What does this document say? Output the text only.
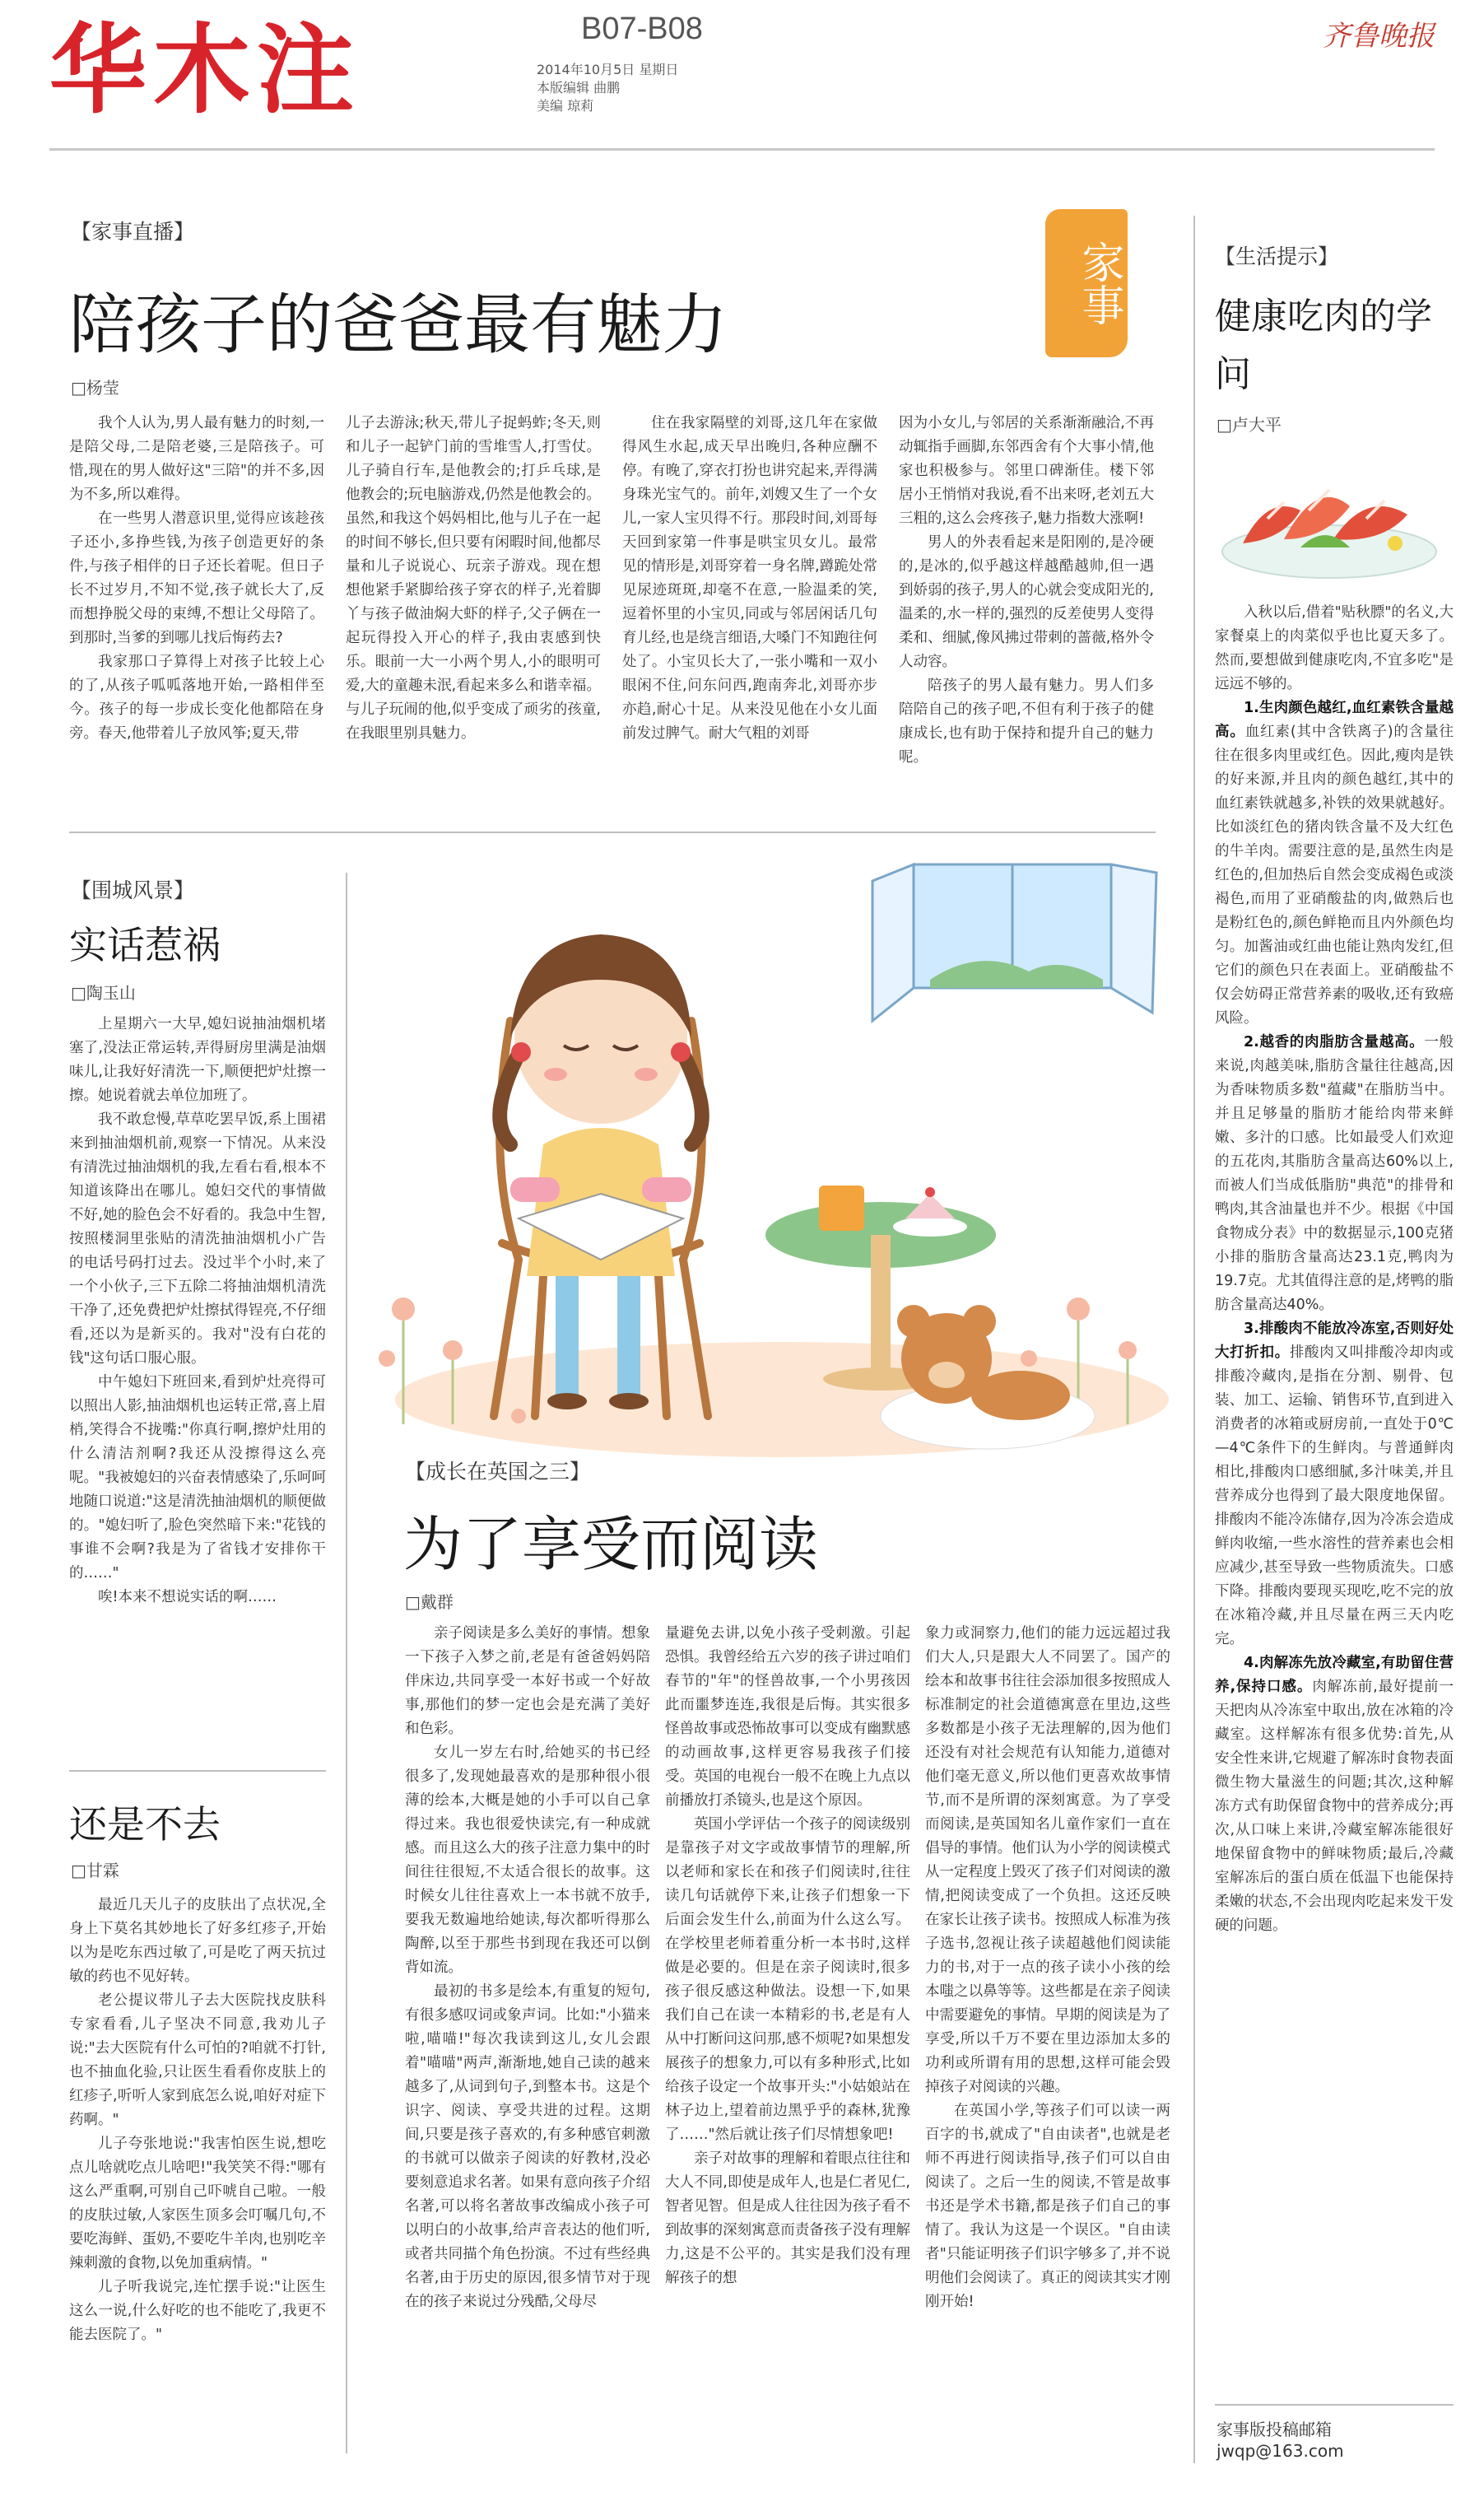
华木注	B07-B08
2014年10月5日 星期日
本版编辑 曲鹏
美编 琼莉
齐鲁晚报
【家事直播】
陪孩子的爸爸最有魅力
□杨莹
家事

我个人认为,男人最有魅力的时刻,一是陪父母,二是陪老婆,三是陪孩子。可惜,现在的男人做好这"三陪"的并不多,因为不多,所以难得。

在一些男人潜意识里,觉得应该趁孩子还小,多挣些钱,为孩子创造更好的条件,与孩子相伴的日子还长着呢。但日子长不过岁月,不知不觉,孩子就长大了,反而想挣脱父母的束缚,不想让父母陪了。到那时,当爹的到哪儿找后悔药去?

我家那口子算得上对孩子比较上心的了,从孩子呱呱落地开始,一路相伴至今。孩子的每一步成长变化他都陪在身旁。春天,他带着儿子放风筝;夏天,带

儿子去游泳;秋天,带儿子捉蚂蚱;冬天,则和儿子一起铲门前的雪堆雪人,打雪仗。儿子骑自行车,是他教会的;打乒乓球,是他教会的;玩电脑游戏,仍然是他教会的。虽然,和我这个妈妈相比,他与儿子在一起的时间不够长,但只要有闲暇时间,他都尽量和儿子说说心、玩亲子游戏。现在想想他紧手紧脚给孩子穿衣的样子,光着脚丫与孩子做油焖大虾的样子,父子俩在一起玩得投入开心的样子,我由衷感到快乐。眼前一大一小两个男人,小的眼明可爱,大的童趣未泯,看起来多么和谐幸福。与儿子玩闹的他,似乎变成了顽劣的孩童,在我眼里别具魅力。

住在我家隔壁的刘哥,这几年在家做得风生水起,成天早出晚归,各种应酬不停。有晚了,穿衣打扮也讲究起来,弄得满身珠光宝气的。前年,刘嫂又生了一个女儿,一家人宝贝得不行。那段时间,刘哥每天回到家第一件事是哄宝贝女儿。最常见的情形是,刘哥穿着一身名牌,蹲跪处常见尿迹斑斑,却毫不在意,一脸温柔的笑,逗着怀里的小宝贝,同或与邻居闲话几句育儿经,也是绕言细语,大嗓门不知跑往何处了。小宝贝长大了,一张小嘴和一双小眼闲不住,问东问西,跑南奔北,刘哥亦步亦趋,耐心十足。从来没见他在小女儿面前发过脾气。耐大气粗的刘哥

因为小女儿,与邻居的关系渐渐融洽,不再动辄指手画脚,东邻西舍有个大事小情,他家也积极参与。邻里口碑渐佳。楼下邻居小王悄悄对我说,看不出来呀,老刘五大三粗的,这么会疼孩子,魅力指数大涨啊!

男人的外表看起来是阳刚的,是冷硬的,是冰的,似乎越这样越酷越帅,但一遇到娇弱的孩子,男人的心就会变成阳光的,温柔的,水一样的,强烈的反差使男人变得柔和、细腻,像风拂过带刺的蔷薇,格外令人动容。

陪孩子的男人最有魅力。男人们多陪陪自己的孩子吧,不但有利于孩子的健康成长,也有助于保持和提升自己的魅力呢。

【围城风景】
实话惹祸
□陶玉山

上星期六一大早,媳妇说抽油烟机堵塞了,没法正常运转,弄得厨房里满是油烟味儿,让我好好清洗一下,顺便把炉灶擦一擦。她说着就去单位加班了。

我不敢怠慢,草草吃罢早饭,系上围裙来到抽油烟机前,观察一下情况。从来没有清洗过抽油烟机的我,左看右看,根本不知道该降出在哪儿。媳妇交代的事情做不好,她的脸色会不好看的。我急中生智,按照楼洞里张贴的清洗抽油烟机小广告的电话号码打过去。没过半个小时,来了一个小伙子,三下五除二将抽油烟机清洗干净了,还免费把炉灶擦拭得锃亮,不仔细看,还以为是新买的。我对"没有白花的钱"这句话口服心服。

中午媳妇下班回来,看到炉灶亮得可以照出人影,抽油烟机也运转正常,喜上眉梢,笑得合不拢嘴:"你真行啊,擦炉灶用的什么清洁剂啊?我还从没擦得这么亮呢。"我被媳妇的兴奋表情感染了,乐呵呵地随口说道:"这是清洗抽油烟机的顺便做的。"媳妇听了,脸色突然暗下来:"花钱的事谁不会啊?我是为了省钱才安排你干的……"

唉!本来不想说实话的啊……

还是不去
□甘霖

最近几天儿子的皮肤出了点状况,全身上下莫名其妙地长了好多红疹子,开始以为是吃东西过敏了,可是吃了两天抗过敏的药也不见好转。

老公提议带儿子去大医院找皮肤科专家看看,儿子坚决不同意,我劝儿子说:"去大医院有什么可怕的?咱就不打针,也不抽血化验,只让医生看看你皮肤上的红疹子,听听人家到底怎么说,咱好对症下药啊。"

儿子夸张地说:"我害怕医生说,想吃点儿啥就吃点儿啥吧!"我笑笑不得:"哪有这么严重啊,可别自己吓唬自己啦。一般的皮肤过敏,人家医生顶多会叮嘱几句,不要吃海鲜、蛋奶,不要吃牛羊肉,也别吃辛辣刺激的食物,以免加重病情。"

儿子听我说完,连忙摆手说:"让医生这么一说,什么好吃的也不能吃了,我更不能去医院了。"

【成长在英国之三】
为了享受而阅读
□戴群

亲子阅读是多么美好的事情。想象一下孩子入梦之前,老是有爸爸妈妈陪伴床边,共同享受一本好书或一个好故事,那他们的梦一定也会是充满了美好和色彩。

女儿一岁左右时,给她买的书已经很多了,发现她最喜欢的是那种很小很薄的绘本,大概是她的小手可以自己拿得过来。我也很爱快读完,有一种成就感。而且这么大的孩子注意力集中的时间往往很短,不太适合很长的故事。这时候女儿往往喜欢上一本书就不放手,要我无数遍地给她读,每次都听得那么陶醉,以至于那些书到现在我还可以倒背如流。

最初的书多是绘本,有重复的短句,有很多感叹词或象声词。比如:"小猫来啦,喵喵!"每次我读到这儿,女儿会跟着"喵喵"两声,渐渐地,她自己读的越来越多了,从词到句子,到整本书。这是个识字、阅读、享受共进的过程。这期间,只要是孩子喜欢的,有多种感官刺激的书就可以做亲子阅读的好教材,没必要刻意追求名著。如果有意向孩子介绍名著,可以将名著故事改编成小孩子可以明白的小故事,给声音表达的他们听,或者共同描个角色扮演。不过有些经典名著,由于历史的原因,很多情节对于现在的孩子来说过分残酷,父母尽

量避免去讲,以免小孩子受刺激。引起恐惧。我曾经给五六岁的孩子讲过咱们春节的"年"的怪兽故事,一个小男孩因此而噩梦连连,我很是后悔。其实很多怪兽故事或恐怖故事可以变成有幽默感的动画故事,这样更容易我孩子们接受。英国的电视台一般不在晚上九点以前播放打杀镜头,也是这个原因。

英国小学评估一个孩子的阅读级别是靠孩子对文字或故事情节的理解,所以老师和家长在和孩子们阅读时,往往读几句话就停下来,让孩子们想象一下后面会发生什么,前面为什么这么写。在学校里老师着重分析一本书时,这样做是必要的。但是在亲子阅读时,很多孩子很反感这种做法。设想一下,如果我们自己在读一本精彩的书,老是有人从中打断问这问那,感不烦呢?如果想发展孩子的想象力,可以有多种形式,比如给孩子设定一个故事开头:"小姑娘站在林子边上,望着前边黑乎乎的森林,犹豫了……"然后就让孩子们尽情想象吧!

亲子对故事的理解和着眼点往往和大人不同,即使是成年人,也是仁者见仁,智者见智。但是成人往往因为孩子看不到故事的深刻寓意而责备孩子没有理解力,这是不公平的。其实是我们没有理解孩子的想

象力或洞察力,他们的能力远远超过我们大人,只是跟大人不同罢了。国产的绘本和故事书往往会添加很多按照成人标准制定的社会道德寓意在里边,这些多数都是小孩子无法理解的,因为他们还没有对社会规范有认知能力,道德对他们毫无意义,所以他们更喜欢故事情节,而不是所谓的深刻寓意。为了享受而阅读,是英国知名儿童作家们一直在倡导的事情。他们认为小学的阅读模式从一定程度上毁灭了孩子们对阅读的激情,把阅读变成了一个负担。这还反映在家长让孩子读书。按照成人标准为孩子选书,忽视让孩子读超越他们阅读能力的书,对于一点的孩子读小小孩的绘本嗤之以鼻等等。这些都是在亲子阅读中需要避免的事情。早期的阅读是为了享受,所以千万不要在里边添加太多的功利或所谓有用的思想,这样可能会毁掉孩子对阅读的兴趣。

在英国小学,等孩子们可以读一两百字的书,就成了"自由读者",也就是老师不再进行阅读指导,孩子们可以自由阅读了。之后一生的阅读,不管是故事书还是学术书籍,都是孩子们自己的事情了。我认为这是一个误区。"自由读者"只能证明孩子们识字够多了,并不说明他们会阅读了。真正的阅读其实才刚刚开始!

【生活提示】
健康吃肉的学问
□卢大平

入秋以后,借着"贴秋膘"的名义,大家餐桌上的肉菜似乎也比夏天多了。然而,要想做到健康吃肉,不宜多吃"是远远不够的。

1.生肉颜色越红,血红素铁含量越高。血红素(其中含铁离子)的含量往往在很多肉里或红色。因此,瘦肉是铁的好来源,并且肉的颜色越红,其中的血红素铁就越多,补铁的效果就越好。比如淡红色的猪肉铁含量不及大红色的牛羊肉。需要注意的是,虽然生肉是红色的,但加热后自然会变成褐色或淡褐色,而用了亚硝酸盐的肉,做熟后也是粉红色的,颜色鲜艳而且内外颜色均匀。加酱油或红曲也能让熟肉发红,但它们的颜色只在表面上。亚硝酸盐不仅会妨碍正常营养素的吸收,还有致癌风险。

2.越香的肉脂肪含量越高。一般来说,肉越美味,脂肪含量往往越高,因为香味物质多数"蕴藏"在脂肪当中。并且足够量的脂肪才能给肉带来鲜嫩、多汁的口感。比如最受人们欢迎的五花肉,其脂肪含量高达60%以上,而被人们当成低脂肪"典范"的排骨和鸭肉,其含油量也并不少。根据《中国食物成分表》中的数据显示,100克猪小排的脂肪含量高达23.1克,鸭肉为19.7克。尤其值得注意的是,烤鸭的脂肪含量高达40%。

3.排酸肉不能放冷冻室,否则好处大打折扣。排酸肉又叫排酸冷却肉或排酸冷藏肉,是指在分割、剔骨、包装、加工、运输、销售环节,直到进入消费者的冰箱或厨房前,一直处于0℃—4℃条件下的生鲜肉。与普通鲜肉相比,排酸肉口感细腻,多汁味美,并且营养成分也得到了最大限度地保留。排酸肉不能冷冻储存,因为冷冻会造成鲜肉收缩,一些水溶性的营养素也会相应减少,甚至导致一些物质流失。口感下降。排酸肉要现买现吃,吃不完的放在冰箱冷藏,并且尽量在两三天内吃完。

4.肉解冻先放冷藏室,有助留住营养,保持口感。肉解冻前,最好提前一天把肉从冷冻室中取出,放在冰箱的冷藏室。这样解冻有很多优势:首先,从安全性来讲,它规避了解冻时食物表面微生物大量滋生的问题;其次,这种解冻方式有助保留食物中的营养成分;再次,从口味上来讲,冷藏室解冻能很好地保留食物中的鲜味物质;最后,冷藏室解冻后的蛋白质在低温下也能保持柔嫩的状态,不会出现肉吃起来发干发硬的问题。

家事版投稿邮箱
jwqp@163.com
